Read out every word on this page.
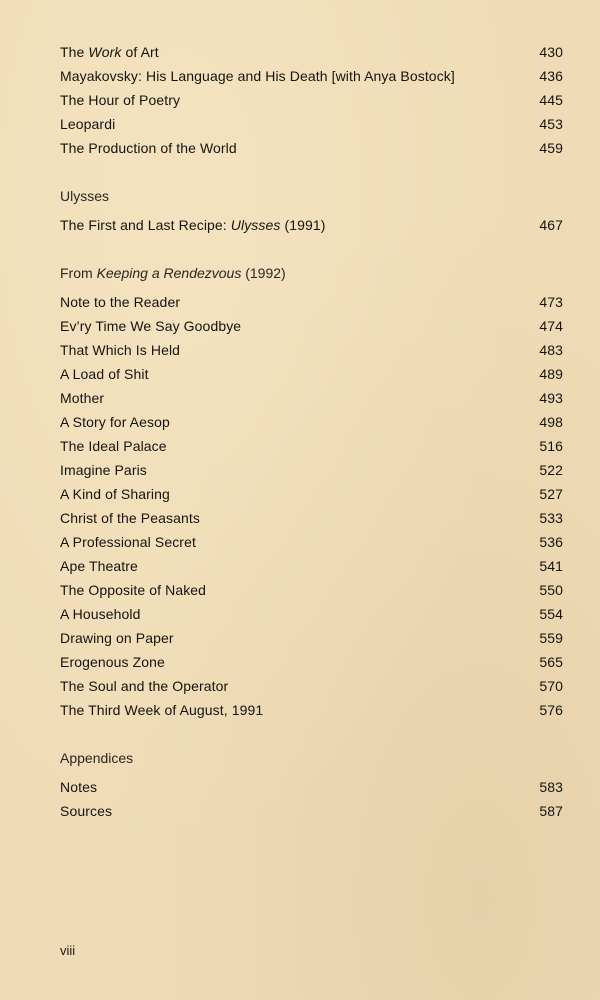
The Work of Art	430
Mayakovsky: His Language and His Death [with Anya Bostock]	436
The Hour of Poetry	445
Leopardi	453
The Production of the World	459
Ulysses
The First and Last Recipe: Ulysses (1991)	467
From Keeping a Rendezvous (1992)
Note to the Reader	473
Ev’ry Time We Say Goodbye	474
That Which Is Held	483
A Load of Shit	489
Mother	493
A Story for Aesop	498
The Ideal Palace	516
Imagine Paris	522
A Kind of Sharing	527
Christ of the Peasants	533
A Professional Secret	536
Ape Theatre	541
The Opposite of Naked	550
A Household	554
Drawing on Paper	559
Erogenous Zone	565
The Soul and the Operator	570
The Third Week of August, 1991	576
Appendices
Notes	583
Sources	587
viii
